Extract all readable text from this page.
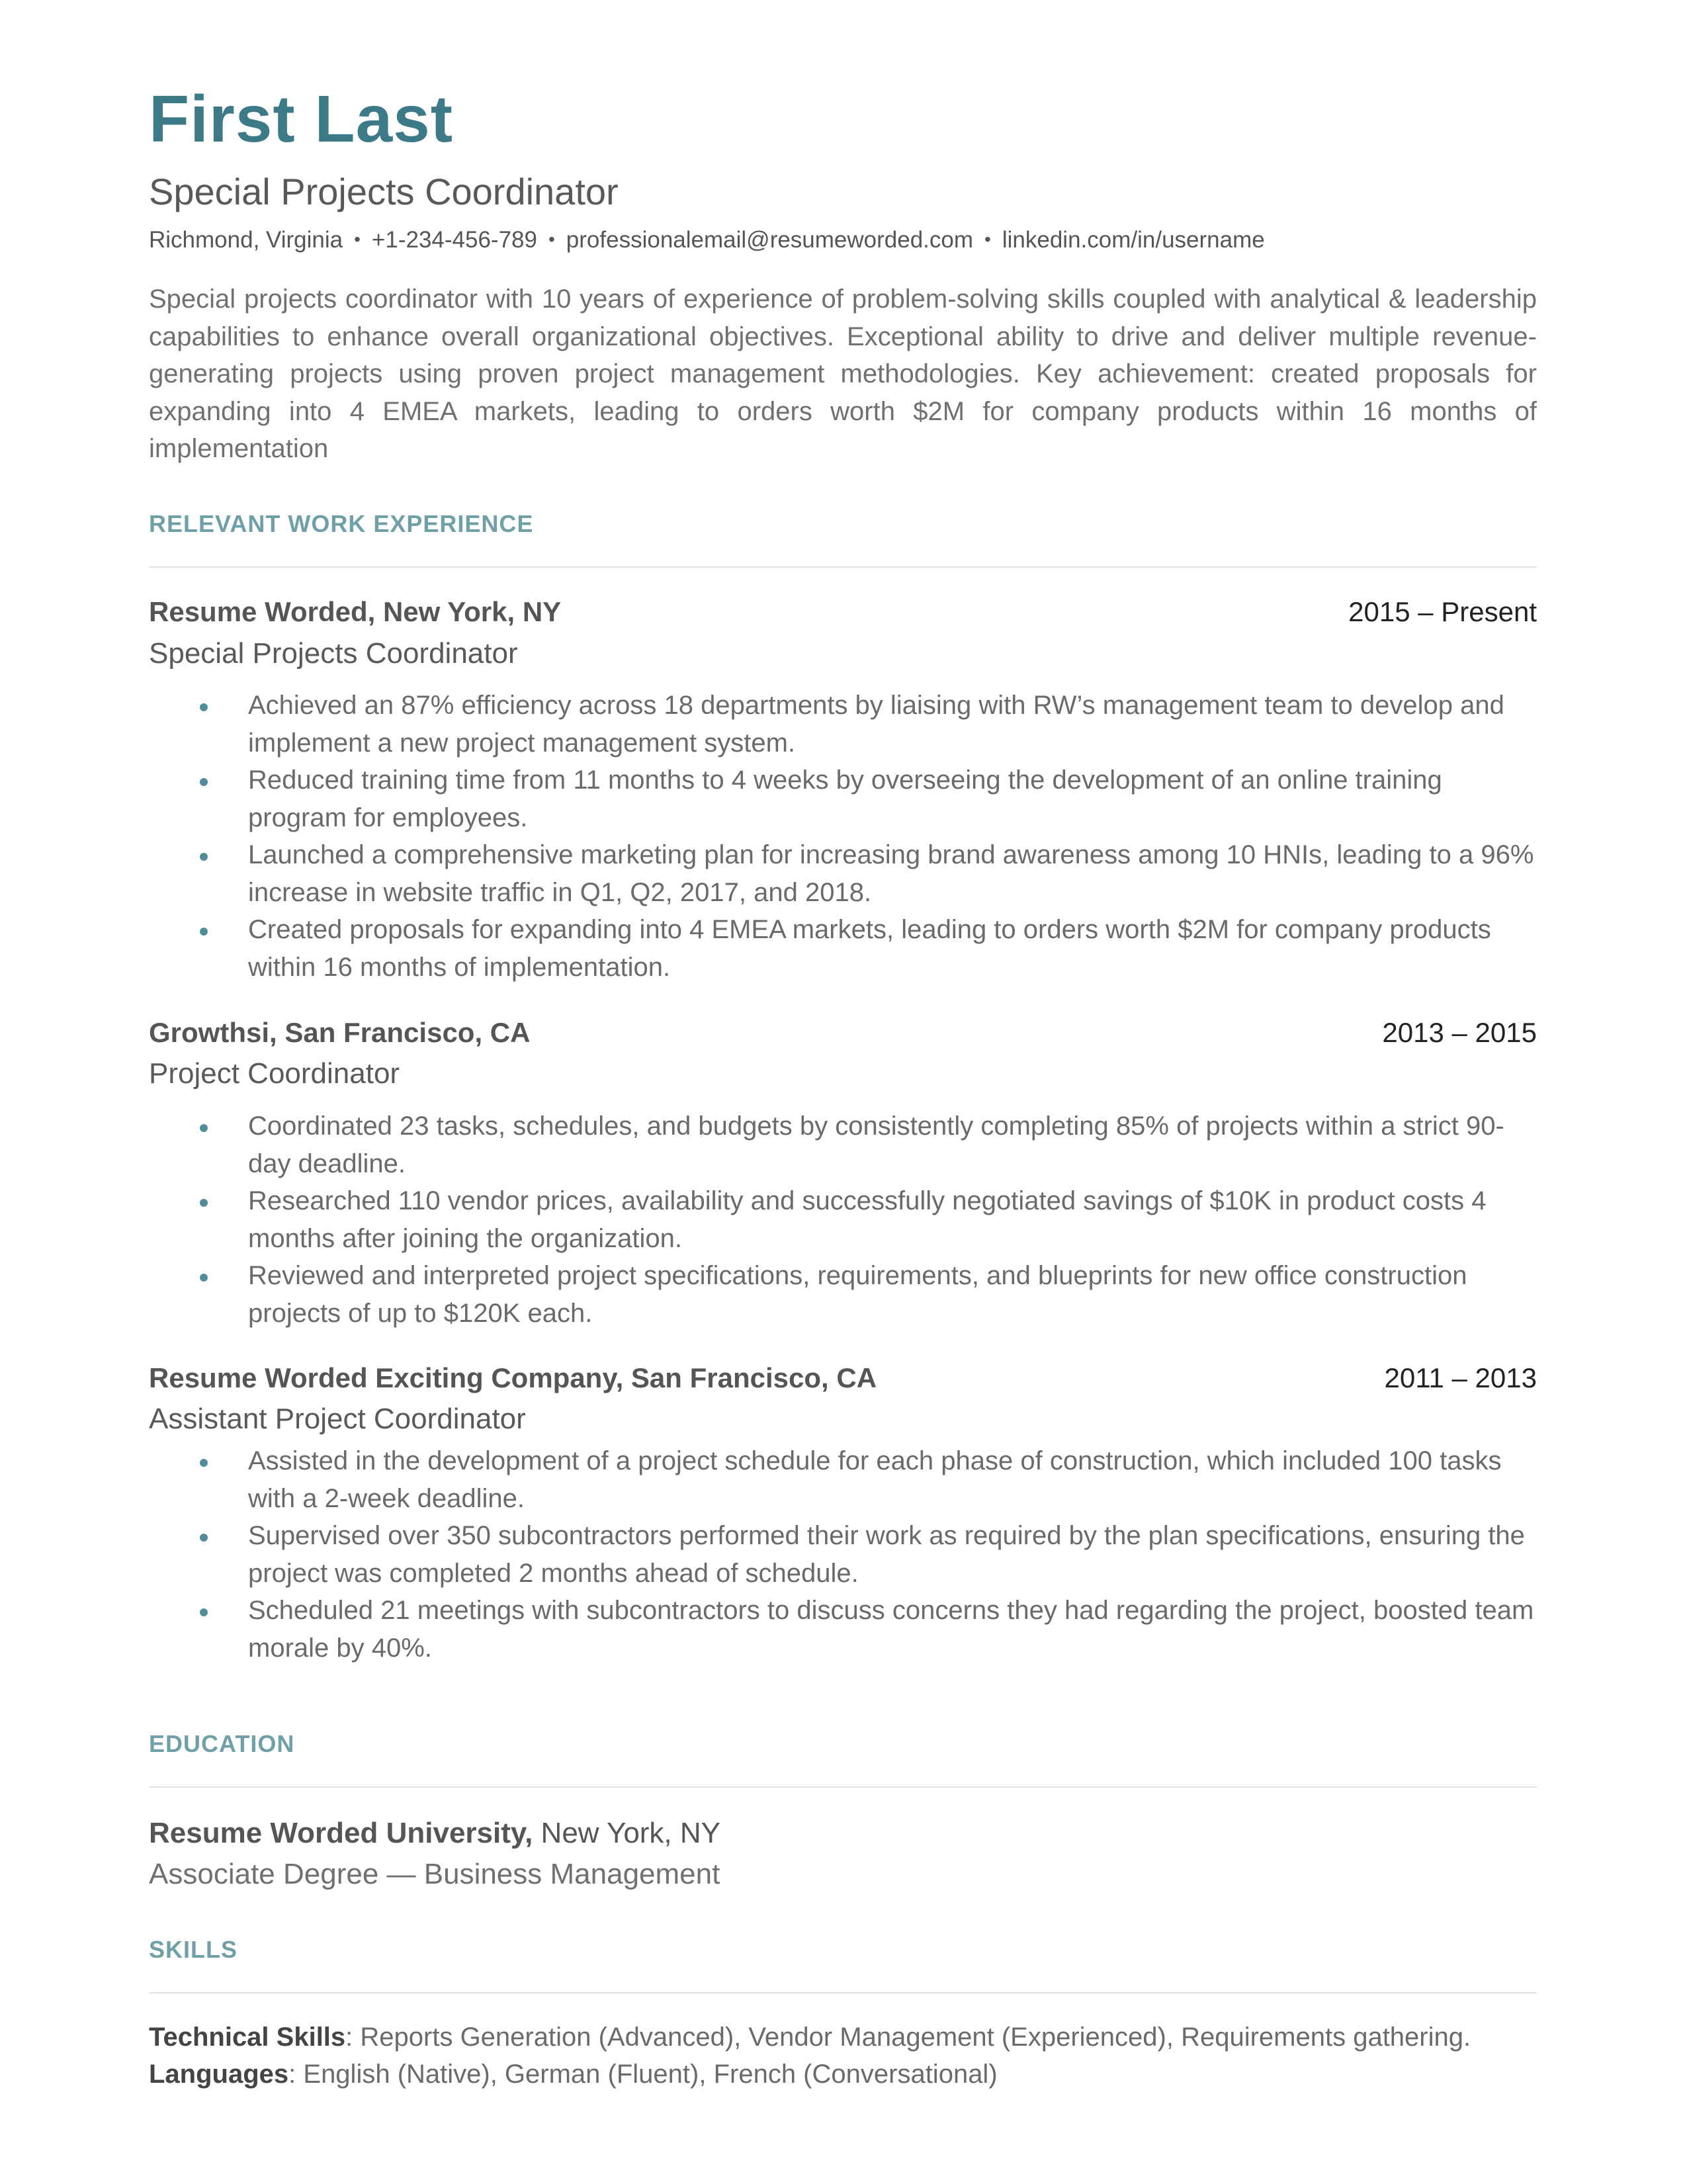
First Last
Special Projects Coordinator
Richmond, Virginia • +1-234-456-789 • professionalemail@resumeworded.com • linkedin.com/in/username
Special projects coordinator with 10 years of experience of problem-solving skills coupled with analytical & leadership capabilities to enhance overall organizational objectives. Exceptional ability to drive and deliver multiple revenue-generating projects using proven project management methodologies. Key achievement: created proposals for expanding into 4 EMEA markets, leading to orders worth $2M for company products within 16 months of implementation
RELEVANT WORK EXPERIENCE
Resume Worded, New York, NY	2015 – Present
Special Projects Coordinator
Achieved an 87% efficiency across 18 departments by liaising with RW’s management team to develop and implement a new project management system.
Reduced training time from 11 months to 4 weeks by overseeing the development of an online training program for employees.
Launched a comprehensive marketing plan for increasing brand awareness among 10 HNIs, leading to a 96% increase in website traffic in Q1, Q2, 2017, and 2018.
Created proposals for expanding into 4 EMEA markets, leading to orders worth $2M for company products within 16 months of implementation.
Growthsi, San Francisco, CA	2013 – 2015
Project Coordinator
Coordinated 23 tasks, schedules, and budgets by consistently completing 85% of projects within a strict 90-day deadline.
Researched 110 vendor prices, availability and successfully negotiated savings of $10K in product costs 4 months after joining the organization.
Reviewed and interpreted project specifications, requirements, and blueprints for new office construction projects of up to $120K each.
Resume Worded Exciting Company, San Francisco, CA	2011 – 2013
Assistant Project Coordinator
Assisted in the development of a project schedule for each phase of construction, which included 100 tasks with a 2-week deadline.
Supervised over 350 subcontractors performed their work as required by the plan specifications, ensuring the project was completed 2 months ahead of schedule.
Scheduled 21 meetings with subcontractors to discuss concerns they had regarding the project, boosted team morale by 40%.
EDUCATION
Resume Worded University, New York, NY
Associate Degree — Business Management
SKILLS
Technical Skills: Reports Generation (Advanced), Vendor Management (Experienced), Requirements gathering.
Languages: English (Native), German (Fluent), French (Conversational)
